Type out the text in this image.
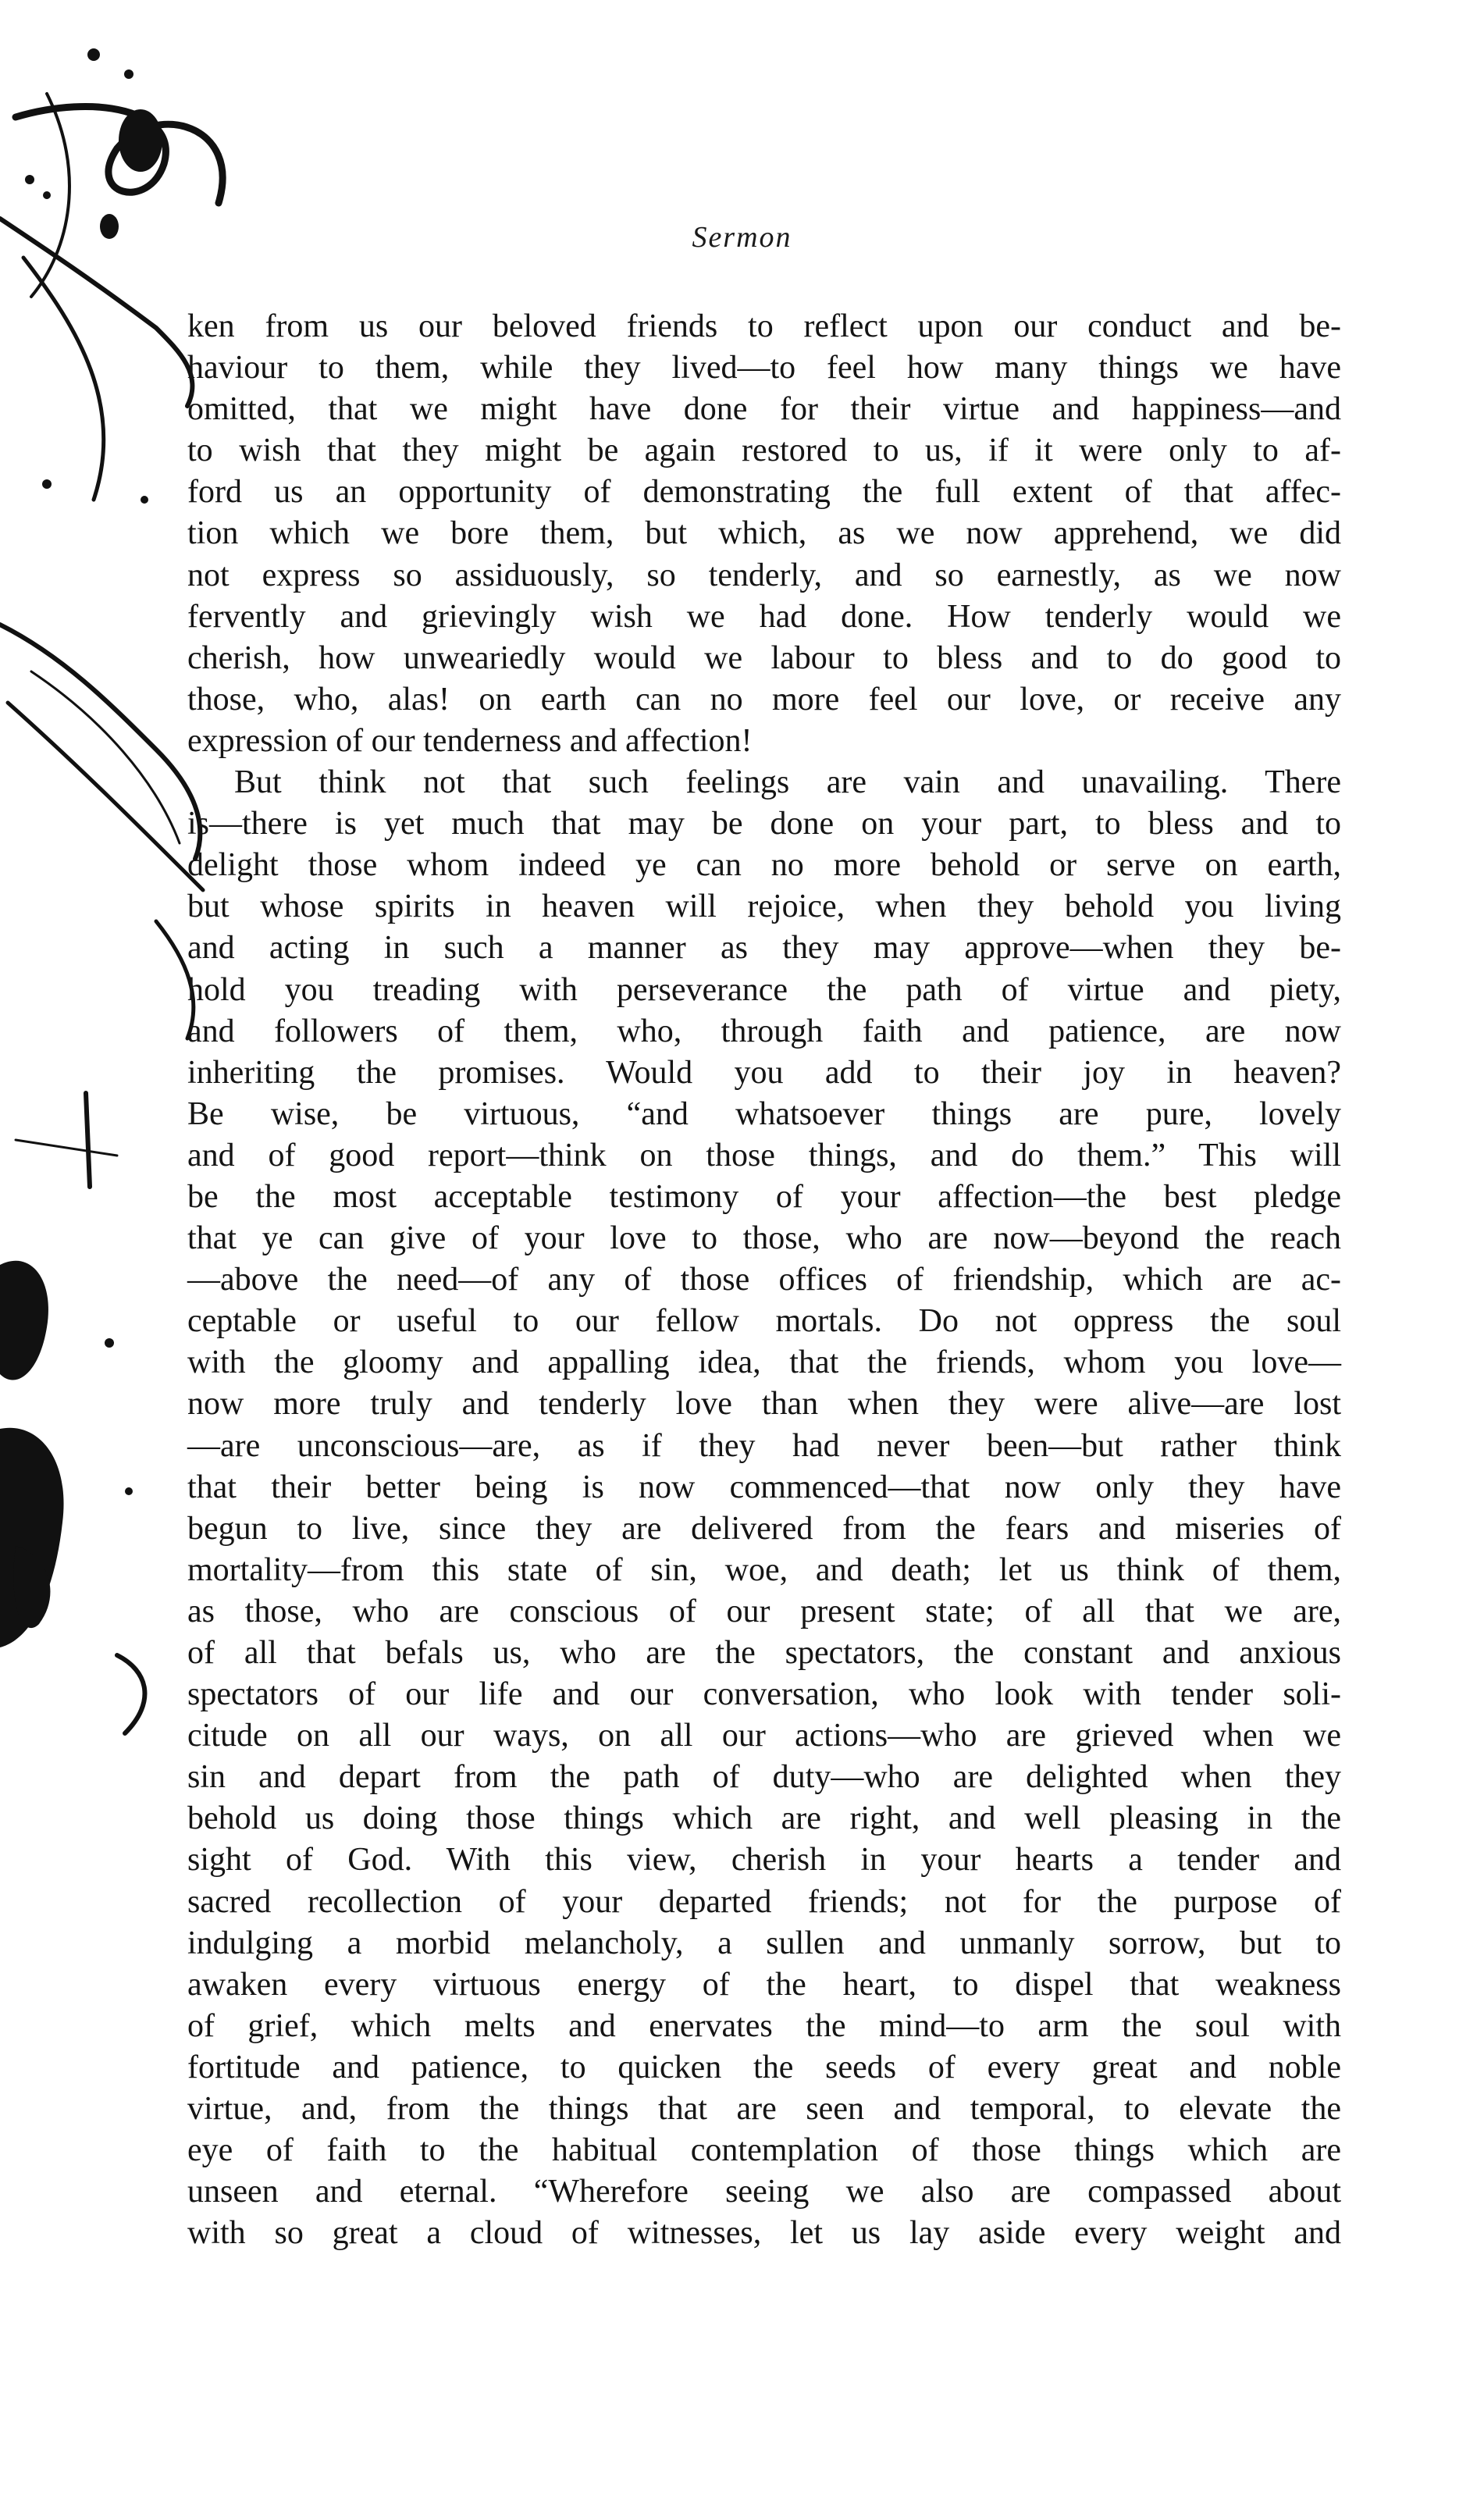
Sermon
ken from us our beloved friends to reflect upon our conduct and be-
haviour to them, while they lived—to feel how many things we have
omitted, that we might have done for their virtue and happiness—and
to wish that they might be again restored to us, if it were only to af-
ford us an opportunity of demonstrating the full extent of that affec-
tion which we bore them, but which, as we now apprehend, we did
not express so assiduously, so tenderly, and so earnestly, as we now
fervently and grievingly wish we had done. How tenderly would we
cherish, how unweariedly would we labour to bless and to do good to
those, who, alas! on earth can no more feel our love, or receive any
expression of our tenderness and affection!
But think not that such feelings are vain and unavailing. There
is—there is yet much that may be done on your part, to bless and to
delight those whom indeed ye can no more behold or serve on earth,
but whose spirits in heaven will rejoice, when they behold you living
and acting in such a manner as they may approve—when they be-
hold you treading with perseverance the path of virtue and piety,
and followers of them, who, through faith and patience, are now
inheriting the promises. Would you add to their joy in heaven?
Be wise, be virtuous, “and whatsoever things are pure, lovely
and of good report—think on those things, and do them.” This will
be the most acceptable testimony of your affection—the best pledge
that ye can give of your love to those, who are now—beyond the reach
—above the need—of any of those offices of friendship, which are ac-
ceptable or useful to our fellow mortals. Do not oppress the soul
with the gloomy and appalling idea, that the friends, whom you love—
now more truly and tenderly love than when they were alive—are lost
—are unconscious—are, as if they had never been—but rather think
that their better being is now commenced—that now only they have
begun to live, since they are delivered from the fears and miseries of
mortality—from this state of sin, woe, and death; let us think of them,
as those, who are conscious of our present state; of all that we are,
of all that befals us, who are the spectators, the constant and anxious
spectators of our life and our conversation, who look with tender soli-
citude on all our ways, on all our actions—who are grieved when we
sin and depart from the path of duty—who are delighted when they
behold us doing those things which are right, and well pleasing in the
sight of God. With this view, cherish in your hearts a tender and
sacred recollection of your departed friends; not for the purpose of
indulging a morbid melancholy, a sullen and unmanly sorrow, but to
awaken every virtuous energy of the heart, to dispel that weakness
of grief, which melts and enervates the mind—to arm the soul with
fortitude and patience, to quicken the seeds of every great and noble
virtue, and, from the things that are seen and temporal, to elevate the
eye of faith to the habitual contemplation of those things which are
unseen and eternal. “Wherefore seeing we also are compassed about
with so great a cloud of witnesses, let us lay aside every weight and
